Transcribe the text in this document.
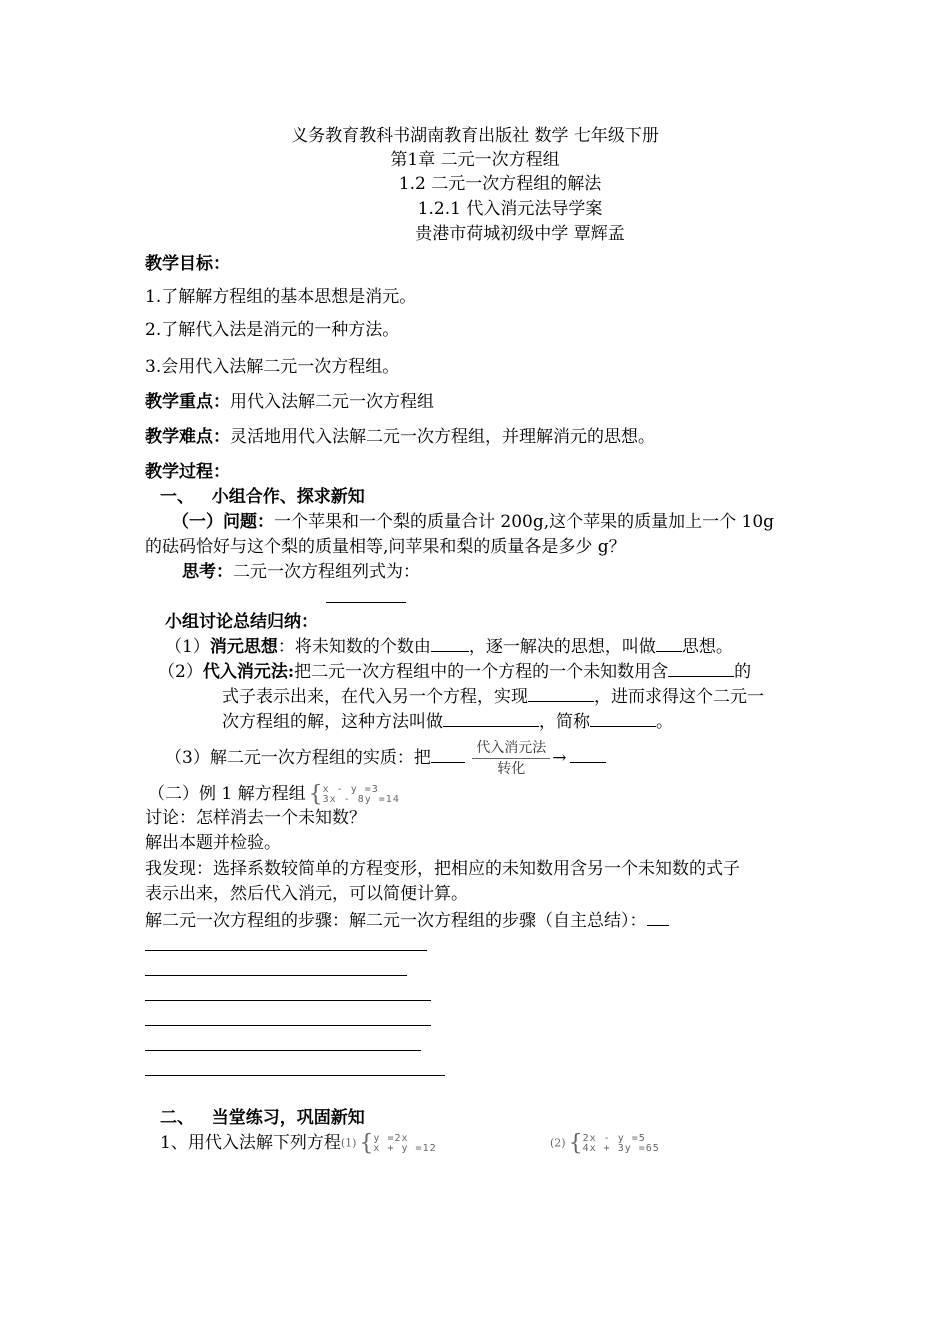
义务教育教科书湖南教育出版社 数学 七年级下册
第1章 二元一次方程组
1.2 二元一次方程组的解法
1.2.1 代入消元法导学案
贵港市荷城初级中学 覃辉孟
教学目标：
1.了解解方程组的基本思想是消元。
2.了解代入法是消元的一种方法。
3.会用代入法解二元一次方程组。
教学重点：用代入法解二元一次方程组
教学难点：灵活地用代入法解二元一次方程组，并理解消元的思想。
教学过程：
一、   小组合作、探求新知
（一）问题：一个苹果和一个梨的质量合计 200g,这个苹果的质量加上一个 10g
的砝码恰好与这个梨的质量相等,问苹果和梨的质量各是多少 g？
思考：二元一次方程组列式为：
小组讨论总结归纳：
（1）消元思想：将未知数的个数由 ，逐一解决的思想，叫做 思想。
（2）代入消元法:把二元一次方程组中的一个方程的一个未知数用含	的
式子表示出来，在代入另一个方程，实现	，进而求得这个二元一
次方程组的解，这种方法叫做	，简称	。
（3）解二元一次方程组的实质：把	$\frac{\text{代入消元法}}{\text{转化}}$ →
（二）例 1 解方程组 { x - y =3
3x - 8y =14
讨论：怎样消去一个未知数？
解出本题并检验。
我发现：选择系数较简单的方程变形，把相应的未知数用含另一个未知数的式子
表示出来，然后代入消元，可以简便计算。
解二元一次方程组的步骤：解二元一次方程组的步骤（自主总结）：
二、   当堂练习，巩固新知
1、用代入法解下列方程(1) { y =2x
x + y =12	(2) { 2x - y =5
4x + 3y =65
